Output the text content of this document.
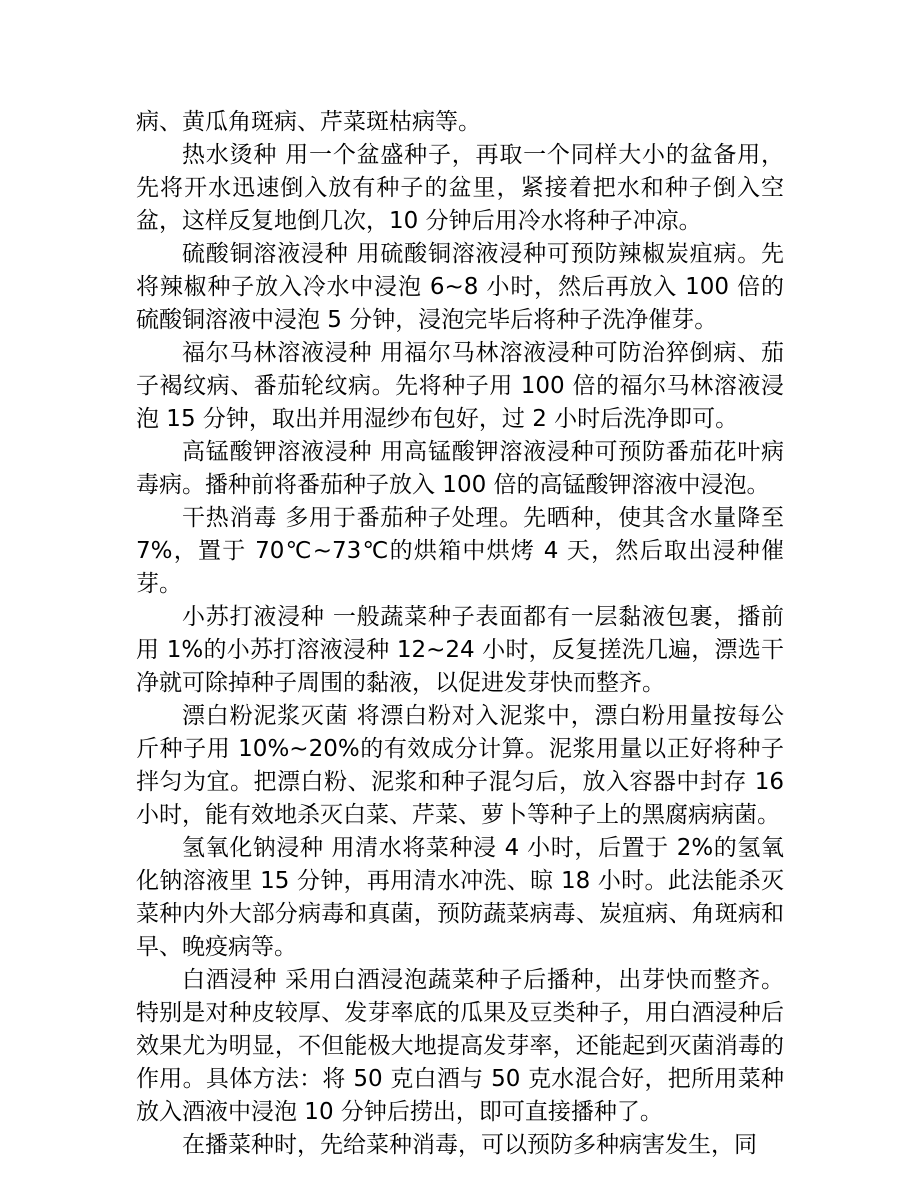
病、黄瓜角斑病、芹菜斑枯病等。

热水烫种 用一个盆盛种子，再取一个同样大小的盆备用，先将开水迅速倒入放有种子的盆里，紧接着把水和种子倒入空盆，这样反复地倒几次，10 分钟后用冷水将种子冲凉。

硫酸铜溶液浸种 用硫酸铜溶液浸种可预防辣椒炭疽病。先将辣椒种子放入冷水中浸泡 6~8 小时，然后再放入 100 倍的硫酸铜溶液中浸泡 5 分钟，浸泡完毕后将种子洗净催芽。

福尔马林溶液浸种 用福尔马林溶液浸种可防治猝倒病、茄子褐纹病、番茄轮纹病。先将种子用 100 倍的福尔马林溶液浸泡 15 分钟，取出并用湿纱布包好，过 2 小时后洗净即可。

高锰酸钾溶液浸种 用高锰酸钾溶液浸种可预防番茄花叶病毒病。播种前将番茄种子放入 100 倍的高锰酸钾溶液中浸泡。

干热消毒 多用于番茄种子处理。先晒种，使其含水量降至7%，置于 70℃~73℃的烘箱中烘烤 4 天，然后取出浸种催芽。

小苏打液浸种 一般蔬菜种子表面都有一层黏液包裹，播前用 1%的小苏打溶液浸种 12~24 小时，反复搓洗几遍，漂选干净就可除掉种子周围的黏液，以促进发芽快而整齐。

漂白粉泥浆灭菌 将漂白粉对入泥浆中，漂白粉用量按每公斤种子用 10%~20%的有效成分计算。泥浆用量以正好将种子拌匀为宜。把漂白粉、泥浆和种子混匀后，放入容器中封存 16 小时，能有效地杀灭白菜、芹菜、萝卜等种子上的黑腐病病菌。

氢氧化钠浸种 用清水将菜种浸 4 小时，后置于 2%的氢氧化钠溶液里 15 分钟，再用清水冲洗、晾 18 小时。此法能杀灭菜种内外大部分病毒和真菌，预防蔬菜病毒、炭疽病、角斑病和早、晚疫病等。

白酒浸种 采用白酒浸泡蔬菜种子后播种，出芽快而整齐。特别是对种皮较厚、发芽率底的瓜果及豆类种子，用白酒浸种后效果尤为明显，不但能极大地提高发芽率，还能起到灭菌消毒的作用。具体方法：将 50 克白酒与 50 克水混合好，把所用菜种放入酒液中浸泡 10 分钟后捞出，即可直接播种了。

在播菜种时，先给菜种消毒，可以预防多种病害发生，同
